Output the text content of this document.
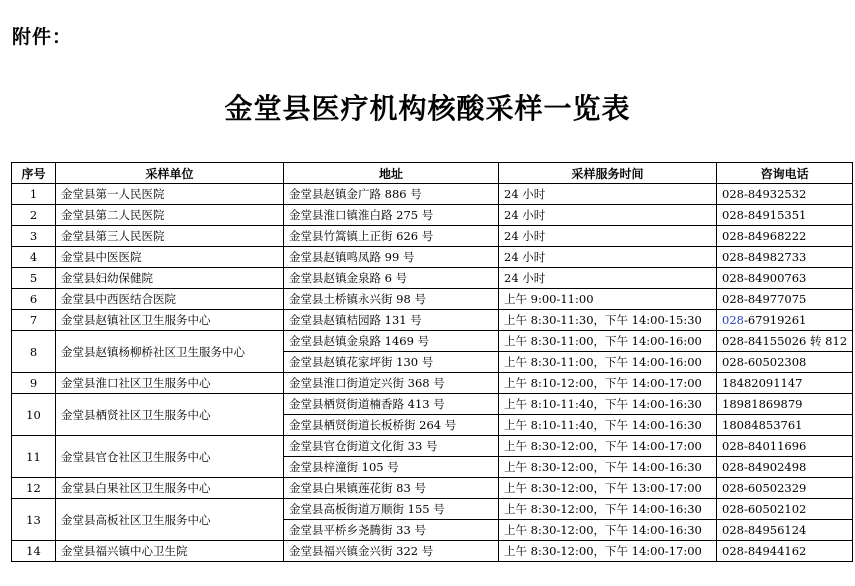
附件：
金堂县医疗机构核酸采样一览表
序号	采样单位	地址	采样服务时间	咨询电话
1	金堂县第一人民医院	金堂县赵镇金广路 886 号	24 小时	028-84932532
2	金堂县第二人民医院	金堂县淮口镇淮白路 275 号	24 小时	028-84915351
3	金堂县第三人民医院	金堂县竹篙镇上正街 626 号	24 小时	028-84968222
4	金堂县中医医院	金堂县赵镇鸣凤路 99 号	24 小时	028-84982733
5	金堂县妇幼保健院	金堂县赵镇金泉路 6 号	24 小时	028-84900763
6	金堂县中西医结合医院	金堂县土桥镇永兴街 98 号	上午 9:00-11:00	028-84977075
7	金堂县赵镇社区卫生服务中心	金堂县赵镇桔园路 131 号	上午 8:30-11:30，下午 14:00-15:30	028-67919261
8	金堂县赵镇杨柳桥社区卫生服务中心	金堂县赵镇金泉路 1469 号	上午 8:30-11:00，下午 14:00-16:00	028-84155026 转 812
		金堂县赵镇花家坪街 130 号	上午 8:30-11:00，下午 14:00-16:00	028-60502308
9	金堂县淮口社区卫生服务中心	金堂县淮口街道定兴街 368 号	上午 8:10-12:00，下午 14:00-17:00	18482091147
10	金堂县栖贤社区卫生服务中心	金堂县栖贤街道楠香路 413 号	上午 8:10-11:40，下午 14:00-16:30	18981869879
		金堂县栖贤街道长板桥街 264 号	上午 8:10-11:40，下午 14:00-16:30	18084853761
11	金堂县官仓社区卫生服务中心	金堂县官仓街道文化街 33 号	上午 8:30-12:00，下午 14:00-17:00	028-84011696
		金堂县梓潼街 105 号	上午 8:30-12:00，下午 14:00-16:30	028-84902498
12	金堂县白果社区卫生服务中心	金堂县白果镇莲花街 83 号	上午 8:30-12:00，下午 13:00-17:00	028-60502329
13	金堂县高板社区卫生服务中心	金堂县高板街道万顺街 155 号	上午 8:30-12:00，下午 14:00-16:30	028-60502102
		金堂县平桥乡尧腾街 33 号	上午 8:30-12:00，下午 14:00-16:30	028-84956124
14	金堂县福兴镇中心卫生院	金堂县福兴镇金兴街 322 号	上午 8:30-12:00，下午 14:00-17:00	028-84944162
